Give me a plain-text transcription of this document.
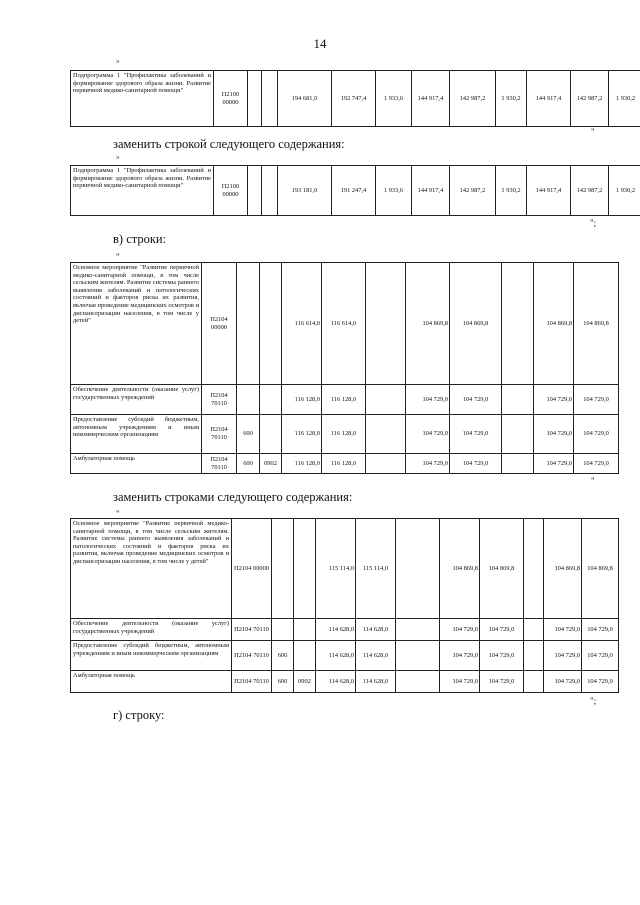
14
"
Подпрограмма 1 "Профилактика заболеваний и формирование здорового образа жизни. Развитие первичной медико-санитарной помощи"	П2100 00000			194 681,0	192 747,4	1 933,6	144 917,4	142 987,2	1 930,2	144 917,4	142 987,2	1 930,2
"
заменить строкой следующего содержания:
"
Подпрограмма 1 "Профилактика заболеваний и формирование здорового образа жизни. Развитие первичной медико-санитарной помощи"	П2100 00000			193 181,0	191 247,4	1 933,6	144 917,4	142 987,2	1 930,2	144 917,4	142 987,2	1 930,2
";
в) строки:
"
Основное мероприятие "Развитие первичной медико-санитарной помощи, в том числе сельским жителям. Развитие системы раннего выявления заболеваний и патологических состояний и факторов риска их развития, включая проведение медицинских осмотров и диспансеризации населения, в том числе у детей"	П2104 00000			116 614,0	116 614,0		104 869,8	104 869,8		104 869,8	104 869,8	
Обеспечение деятельности (оказание услуг) государственных учреждений	П2104 70110			116 128,0	116 128,0		104 729,0	104 729,0		104 729,0	104 729,0	
Предоставление субсидий бюджетным, автономным учреждениям и иным некоммерческим организациям	П2104 70110	600		116 128,0	116 128,0		104 729,0	104 729,0		104 729,0	104 729,0	
Амбулаторная помощь	П2104 70110	600	0902	116 128,0	116 128,0		104 729,0	104 729,0		104 729,0	104 729,0	
"
заменить строками следующего содержания:
"
Основное мероприятие "Развитие первичной медико-санитарной помощи, в том числе сельским жителям. Развитие системы раннего выявления заболеваний и патологических состояний и факторов риска их развития, включая проведение медицинских осмотров и диспансеризации населения, в том числе у детей"	П2104 00000			115 114,0	115 114,0		104 869,8	104 869,8		104 869,8	104 869,8	
Обеспечение деятельности (оказание услуг) государственных учреждений	П2104 70110			114 628,0	114 628,0		104 729,0	104 729,0		104 729,0	104 729,0	
Предоставление субсидий бюджетным, автономным учреждениям и иным некоммерческим организациям	П2104 70110	600		114 628,0	114 628,0		104 729,0	104 729,0		104 729,0	104 729,0	
Амбулаторная помощь	П2104 70110	600	0902	114 628,0	114 628,0		104 729,0	104 729,0		104 729,0	104 729,0	
";
г) строку:
